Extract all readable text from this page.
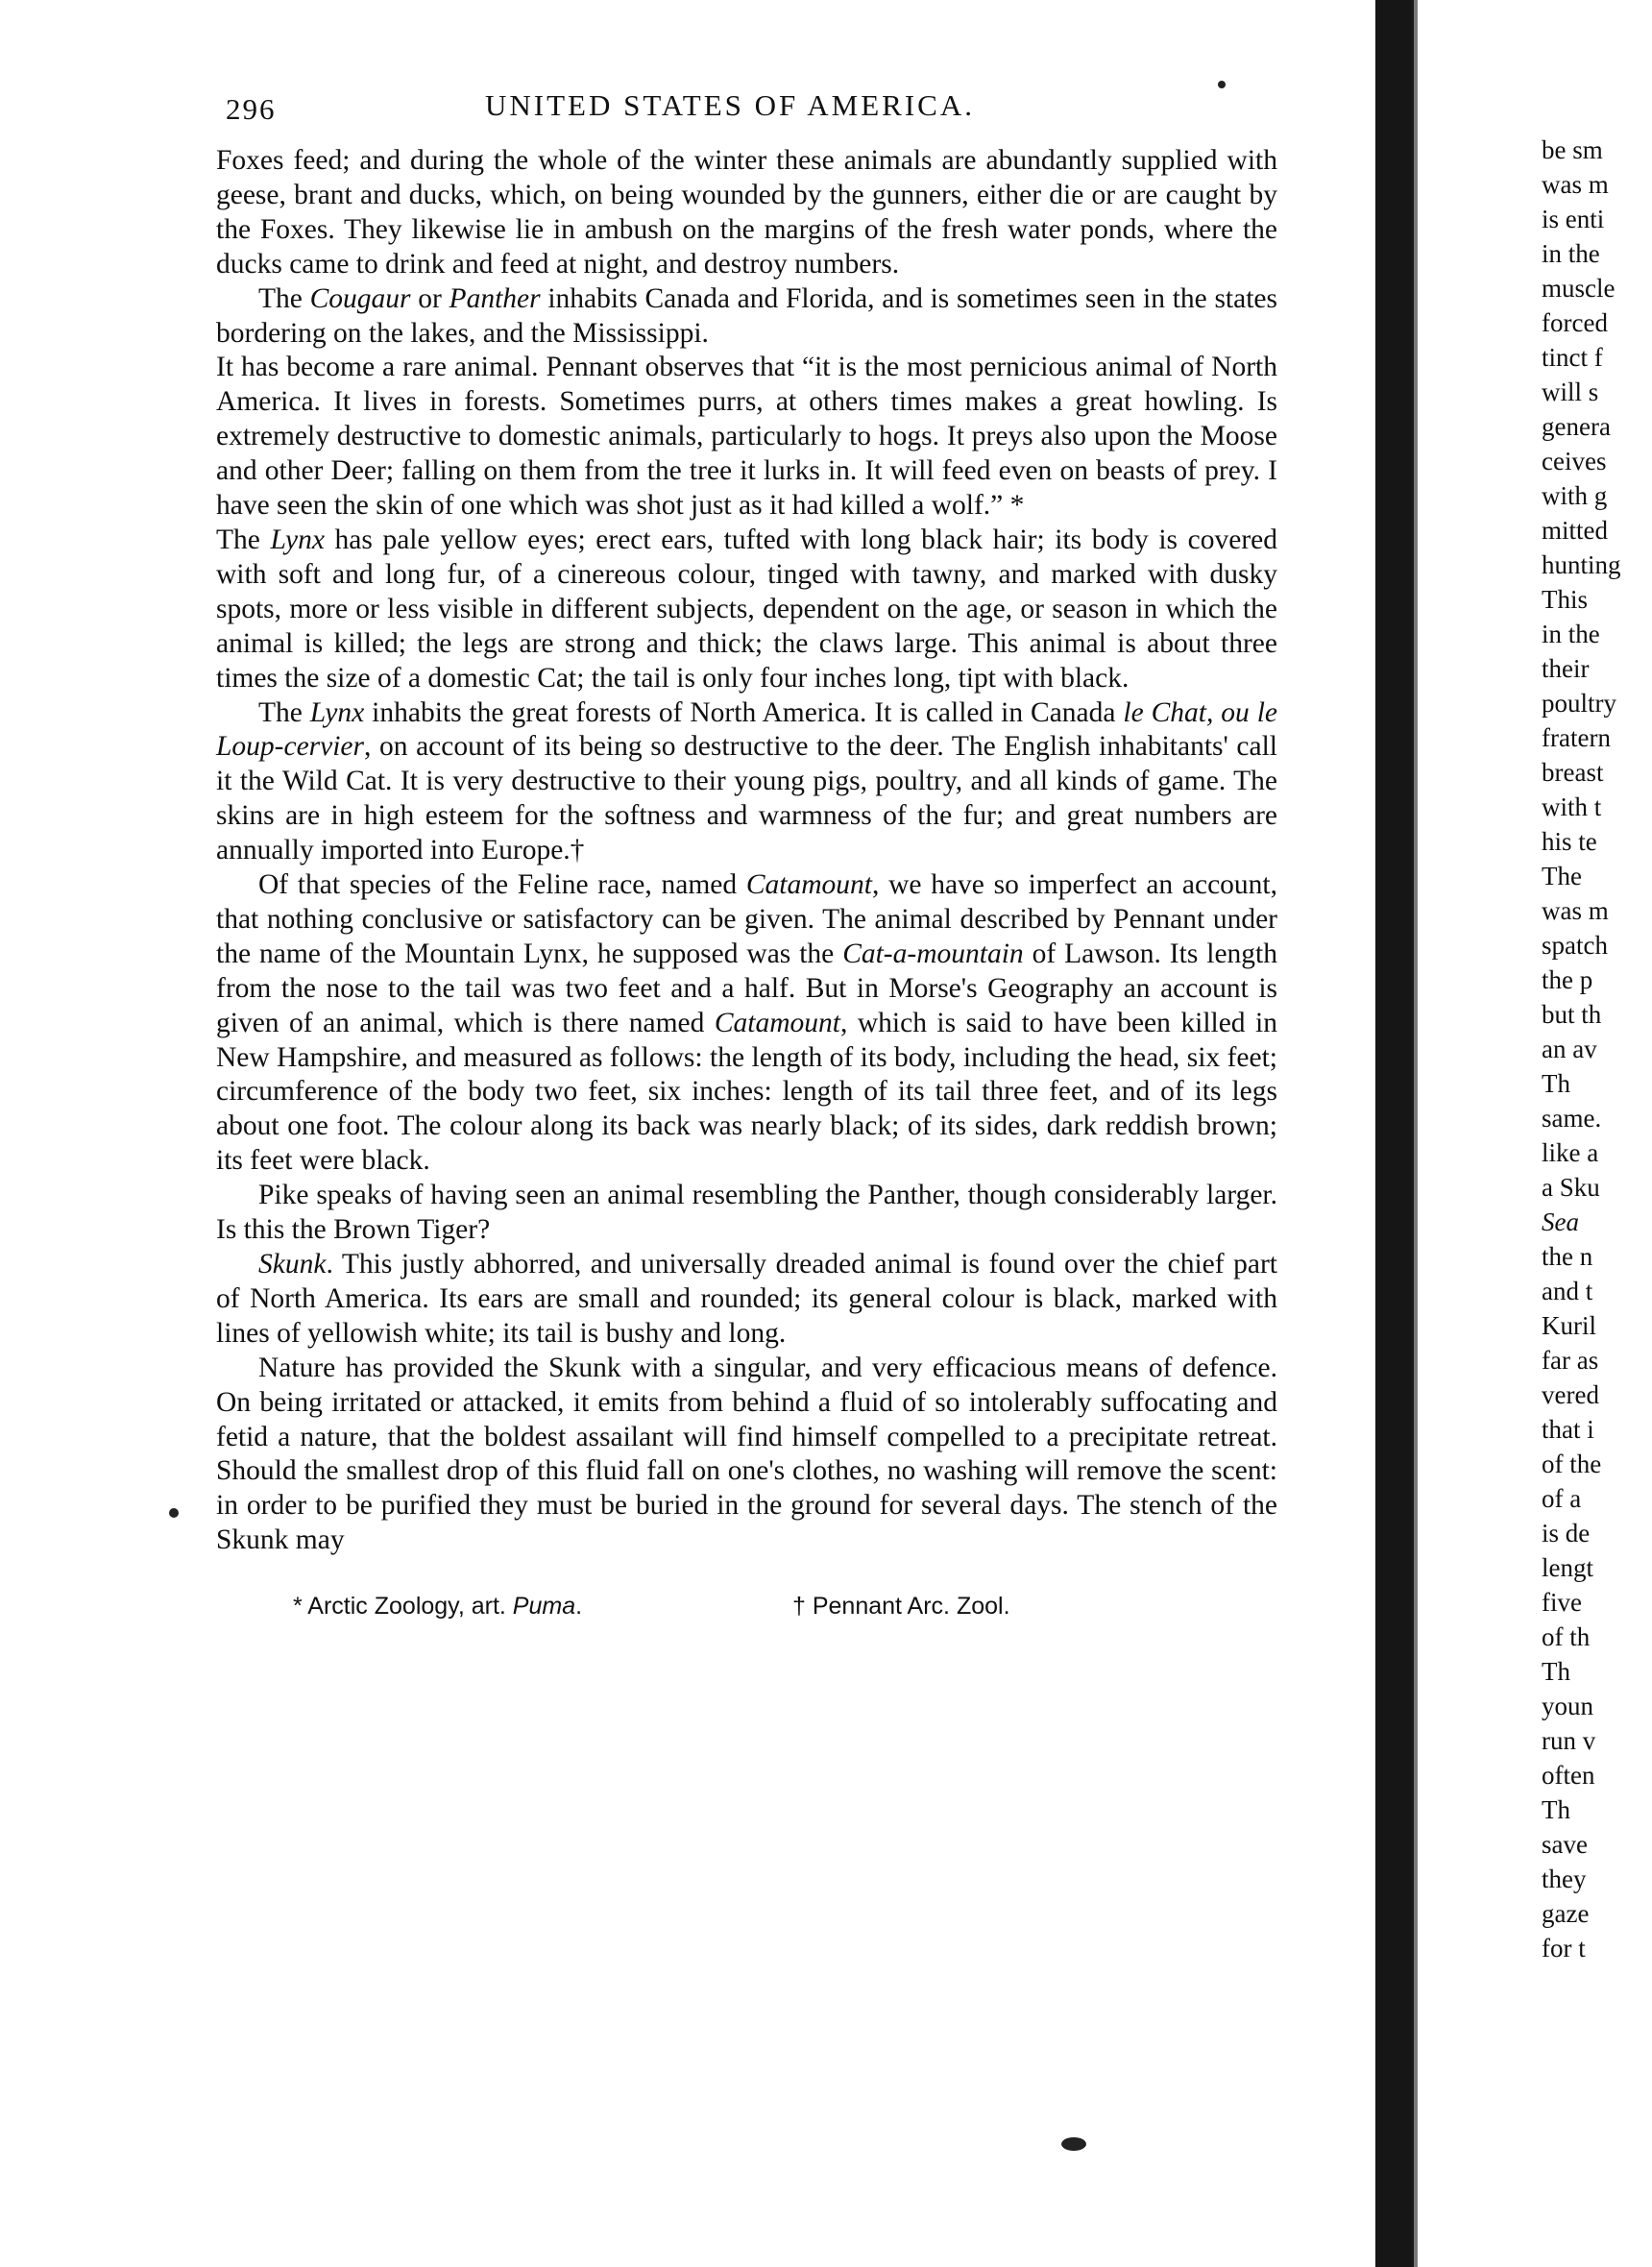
296	UNITED STATES OF AMERICA.

Foxes feed; and during the whole of the winter these animals are abundantly supplied with geese, brant and ducks, which, on being wounded by the gunners, either die or are caught by the Foxes. They likewise lie in ambush on the margins of the fresh water ponds, where the ducks came to drink and feed at night, and destroy numbers.

The Cougaur or Panther inhabits Canada and Florida, and is sometimes seen in the states bordering on the lakes, and the Mississippi.

It has become a rare animal. Pennant observes that “it is the most pernicious animal of North America. It lives in forests. Sometimes purrs, at others times makes a great howling. Is extremely destructive to domestic animals, particularly to hogs. It preys also upon the Moose and other Deer; falling on them from the tree it lurks in. It will feed even on beasts of prey. I have seen the skin of one which was shot just as it had killed a wolf.” *

The Lynx has pale yellow eyes; erect ears, tufted with long black hair; its body is covered with soft and long fur, of a cinereous colour, tinged with tawny, and marked with dusky spots, more or less visible in different subjects, dependent on the age, or season in which the animal is killed; the legs are strong and thick; the claws large. This animal is about three times the size of a domestic Cat; the tail is only four inches long, tipt with black.

The Lynx inhabits the great forests of North America. It is called in Canada le Chat, ou le Loup-cervier, on account of its being so destructive to the deer. The English inhabitants' call it the Wild Cat. It is very destructive to their young pigs, poultry, and all kinds of game. The skins are in high esteem for the softness and warmness of the fur; and great numbers are annually imported into Europe.†

Of that species of the Feline race, named Catamount, we have so imperfect an account, that nothing conclusive or satisfactory can be given. The animal described by Pennant under the name of the Mountain Lynx, he supposed was the Cat-a-mountain of Lawson. Its length from the nose to the tail was two feet and a half. But in Morse's Geography an account is given of an animal, which is there named Catamount, which is said to have been killed in New Hampshire, and measured as follows: the length of its body, including the head, six feet; circumference of the body two feet, six inches: length of its tail three feet, and of its legs about one foot. The colour along its back was nearly black; of its sides, dark reddish brown; its feet were black.

Pike speaks of having seen an animal resembling the Panther, though considerably larger. Is this the Brown Tiger?

Skunk. This justly abhorred, and universally dreaded animal is found over the chief part of North America. Its ears are small and rounded; its general colour is black, marked with lines of yellowish white; its tail is bushy and long.

Nature has provided the Skunk with a singular, and very efficacious means of defence. On being irritated or attacked, it emits from behind a fluid of so intolerably suffocating and fetid a nature, that the boldest assailant will find himself compelled to a precipitate retreat. Should the smallest drop of this fluid fall on one's clothes, no washing will remove the scent: in order to be purified they must be buried in the ground for several days. The stench of the Skunk may

* Arctic Zoology, art. Puma.	† Pennant Arc. Zool.
be sm
was m
is enti
in the
muscle
forced
tinct f
will s
genera
ceives
with g
mitted
hunting
This
in the
their
poultry
fratern
breast
with t
his te
The
was m
spatch
the p
but th
an av
Th
same.
like a
a Sku
Sea
the n
and t
Kuril
far as
vered
that i
of the
of a
is de
lengt
five
of th
Th
youn
run v
often
Th
save
they
gaze
for t
